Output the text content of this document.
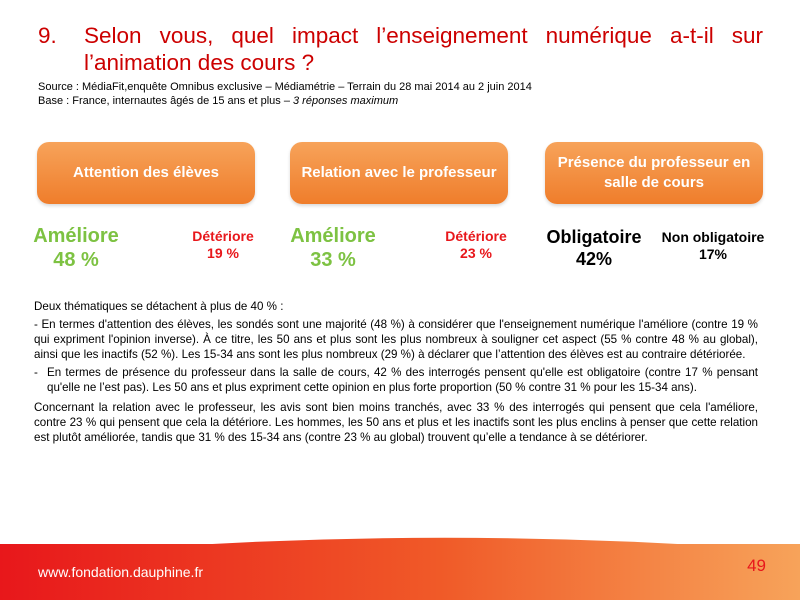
9.	Selon vous, quel impact l’enseignement numérique a-t-il sur l’animation des cours ?
Source : MédiaFit,enquête Omnibus exclusive – Médiamétrie – Terrain du 28 mai 2014 au 2 juin 2014
Base : France, internautes âgés de 15 ans et plus – 3 réponses maximum
Attention des élèves	Relation avec le professeur
Présence du professeur en salle de cours
Améliore
48 %
Détériore
19 %
Améliore
33 %
Détériore
23 %
Obligatoire
42%
Non obligatoire
17%

Deux thématiques se détachent à plus de 40 % :

- En termes d'attention des élèves, les sondés sont une majorité (48 %) à considérer que l'enseignement numérique l'améliore (contre 19 % qui expriment l'opinion inverse). À ce titre, les 50 ans et plus sont les plus nombreux à souligner cet aspect (55 % contre 48 % au global), ainsi que les inactifs (52 %). Les 15-34 ans sont les plus nombreux (29 %) à déclarer que l’attention des élèves est au contraire détériorée.

- En termes de présence du professeur dans la salle de cours, 42 % des interrogés pensent qu'elle est obligatoire (contre 17 % pensant qu'elle ne l’est pas). Les 50 ans et plus expriment cette opinion en plus forte proportion (50 % contre 31 % pour les 15-34 ans).

Concernant la relation avec le professeur, les avis sont bien moins tranchés, avec 33 % des interrogés qui pensent que cela l'améliore, contre 23 % qui pensent que cela la détériore. Les hommes, les 50 ans et plus et les inactifs sont les plus enclins à penser que cette relation est plutôt améliorée, tandis que 31 % des 15-34 ans (contre 23 % au global) trouvent qu’elle a tendance à se détériorer.

www.fondation.dauphine.fr	49
